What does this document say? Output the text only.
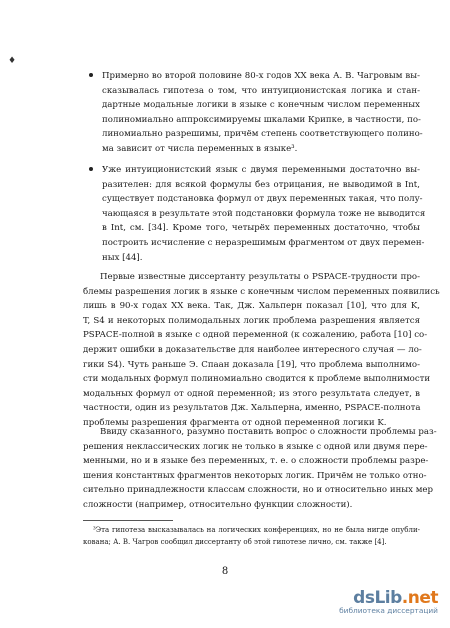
♦
Примерно во второй половине 80-х годов XX века А. В. Чагровым вы-
сказывалась гипотеза о том, что интуиционистская логика и стан-
дартные модальные логики в языке с конечным числом переменных
полиномиально аппроксимируемы шкалами Крипке, в частности, по-
линомиально разрешимы, причём степень соответствующего полино-
ма зависит от числа переменных в языке³.
Уже интуиционистский язык с двумя переменными достаточно вы-
разителен: для всякой формулы без отрицания, не выводимой в Int,
существует подстановка формул от двух переменных такая, что полу-
чающаяся в результате этой подстановки формула тоже не выводится
в Int, см. [34]. Кроме того, четырёх переменных достаточно, чтобы
построить исчисление с неразрешимым фрагментом от двух перемен-
ных [44].
Первые известные диссертанту результаты о PSPACE-трудности про-
блемы разрешения логик в языке с конечным числом переменных появились
лишь в 90-х годах XX века. Так, Дж. Хальперн показал [10], что для K,
T, S4 и некоторых полимодальных логик проблема разрешения является
PSPACE-полной в языке с одной переменной (к сожалению, работа [10] со-
держит ошибки в доказательстве для наиболее интересного случая — ло-
гики S4). Чуть раньше Э. Спаан доказала [19], что проблема выполнимо-
сти модальных формул полиномиально сводится к проблеме выполнимости
модальных формул от одной переменной; из этого результата следует, в
частности, один из результатов Дж. Хальперна, именно, PSPACE-полнота
проблемы разрешения фрагмента от одной переменной логики K.
Ввиду сказанного, разумно поставить вопрос о сложности проблемы раз-
решения неклассических логик не только в языке с одной или двумя пере-
менными, но и в языке без переменных, т. е. о сложности проблемы разре-
шения константных фрагментов некоторых логик. Причём не только отно-
сительно принадлежности классам сложности, но и относительно иных мер
сложности (например, относительно функции сложности).
³Эта гипотеза высказывалась на логических конференциях, но не была нигде опубли-
кована; А. В. Чагров сообщил диссертанту об этой гипотезе лично, см. также [4].
8
dsLib.net
библиотека диссертаций
